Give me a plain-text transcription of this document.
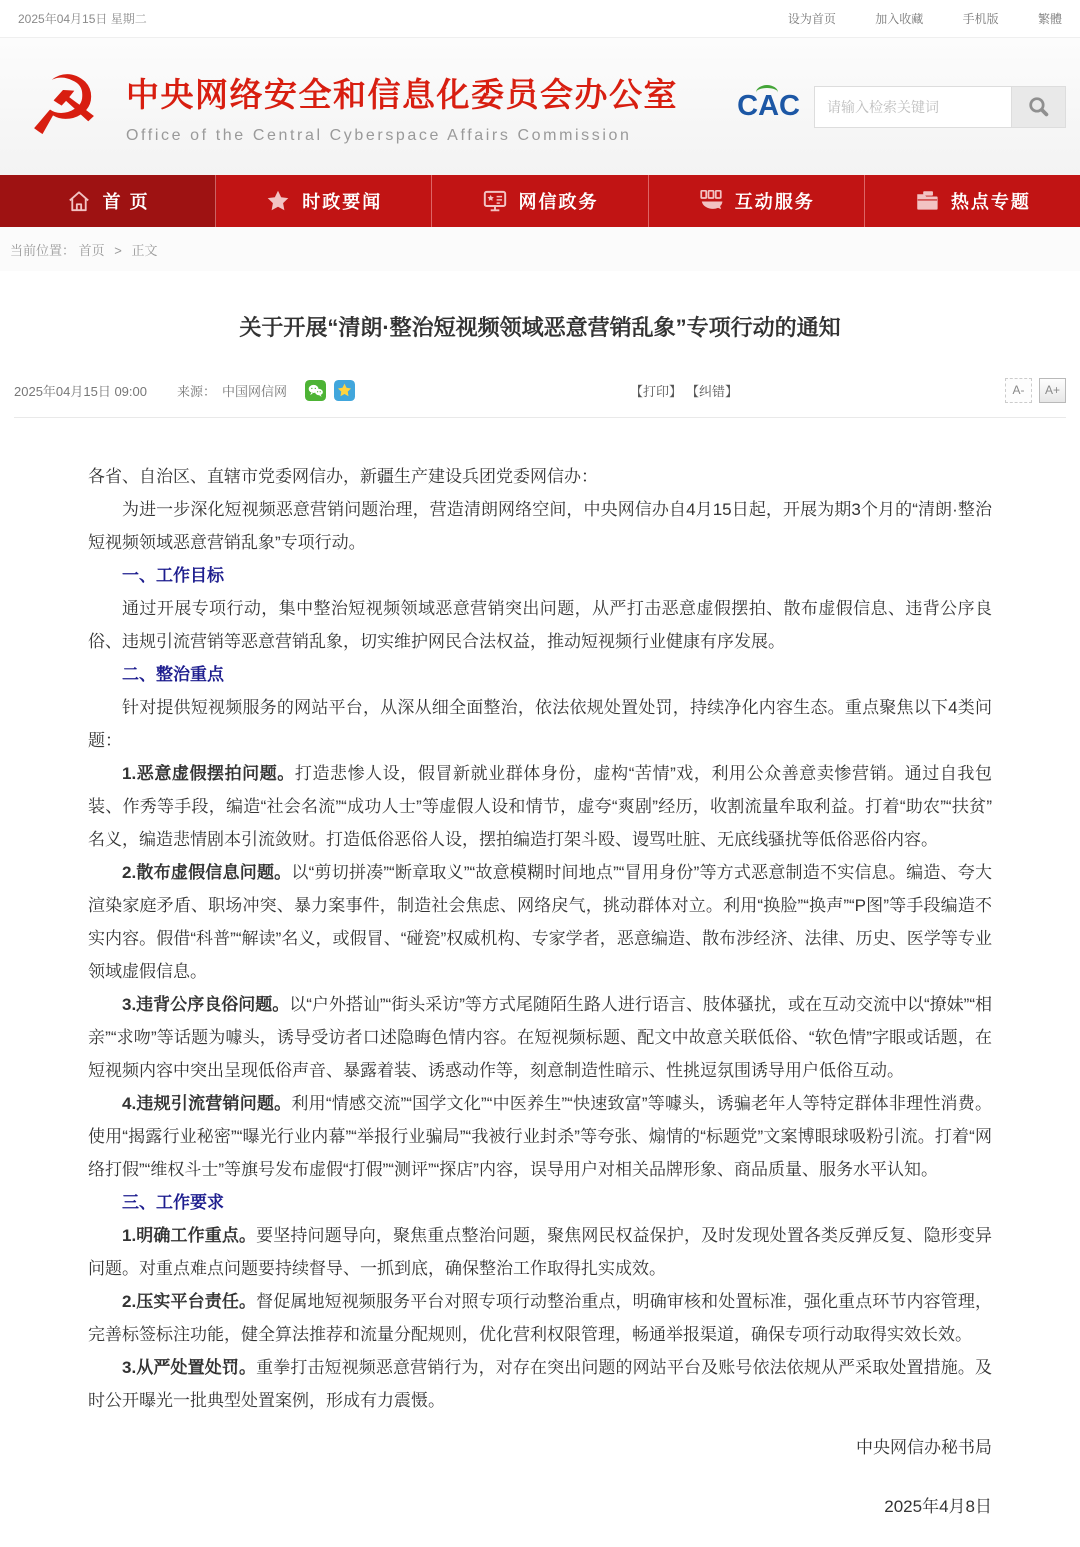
2025年04月15日 星期二	设为首页	加入收藏	手机版	繁體
☭ 中央网络安全和信息化委员会办公室
Office of the Central Cyberspace Affairs Commission
CAC
请输入检索关键词
首 页	时政要闻	网信政务	互动服务	热点专题
当前位置： 首页 > 正文
关于开展“清朗·整治短视频领域恶意营销乱象”专项行动的通知
2025年04月15日 09:00 来源： 中国网信网	【打印】 【纠错】	A-	A+

各省、自治区、直辖市党委网信办，新疆生产建设兵团党委网信办：

为进一步深化短视频恶意营销问题治理，营造清朗网络空间，中央网信办自4月15日起，开展为期3个月的“清朗·整治短视频领域恶意营销乱象”专项行动。

一、工作目标

通过开展专项行动，集中整治短视频领域恶意营销突出问题，从严打击恶意虚假摆拍、散布虚假信息、违背公序良俗、违规引流营销等恶意营销乱象，切实维护网民合法权益，推动短视频行业健康有序发展。

二、整治重点

针对提供短视频服务的网站平台，从深从细全面整治，依法依规处置处罚，持续净化内容生态。重点聚焦以下4类问题：

1.恶意虚假摆拍问题。打造悲惨人设，假冒新就业群体身份，虚构“苦情”戏，利用公众善意卖惨营销。通过自我包装、作秀等手段，编造“社会名流”“成功人士”等虚假人设和情节，虚夸“爽剧”经历，收割流量牟取利益。打着“助农”“扶贫”名义，编造悲情剧本引流敛财。打造低俗恶俗人设，摆拍编造打架斗殴、谩骂吐脏、无底线骚扰等低俗恶俗内容。

2.散布虚假信息问题。以“剪切拼凑”“断章取义”“故意模糊时间地点”“冒用身份”等方式恶意制造不实信息。编造、夸大渲染家庭矛盾、职场冲突、暴力案事件，制造社会焦虑、网络戾气，挑动群体对立。利用“换脸”“换声”“P图”等手段编造不实内容。假借“科普”“解读”名义，或假冒、“碰瓷”权威机构、专家学者，恶意编造、散布涉经济、法律、历史、医学等专业领域虚假信息。

3.违背公序良俗问题。以“户外搭讪”“街头采访”等方式尾随陌生路人进行语言、肢体骚扰，或在互动交流中以“撩妹”“相亲”“求吻”等话题为噱头，诱导受访者口述隐晦色情内容。在短视频标题、配文中故意关联低俗、“软色情”字眼或话题，在短视频内容中突出呈现低俗声音、暴露着装、诱惑动作等，刻意制造性暗示、性挑逗氛围诱导用户低俗互动。

4.违规引流营销问题。利用“情感交流”“国学文化”“中医养生”“快速致富”等噱头，诱骗老年人等特定群体非理性消费。使用“揭露行业秘密”“曝光行业内幕”“举报行业骗局”“我被行业封杀”等夸张、煽情的“标题党”文案博眼球吸粉引流。打着“网络打假”“维权斗士”等旗号发布虚假“打假”“测评”“探店”内容，误导用户对相关品牌形象、商品质量、服务水平认知。

三、工作要求

1.明确工作重点。要坚持问题导向，聚焦重点整治问题，聚焦网民权益保护，及时发现处置各类反弹反复、隐形变异问题。对重点难点问题要持续督导、一抓到底，确保整治工作取得扎实成效。

2.压实平台责任。督促属地短视频服务平台对照专项行动整治重点，明确审核和处置标准，强化重点环节内容管理，完善标签标注功能，健全算法推荐和流量分配规则，优化营利权限管理，畅通举报渠道，确保专项行动取得实效长效。

3.从严处置处罚。重拳打击短视频恶意营销行为，对存在突出问题的网站平台及账号依法依规从严采取处置措施。及时公开曝光一批典型处置案例，形成有力震慑。

中央网信办秘书局

2025年4月8日
